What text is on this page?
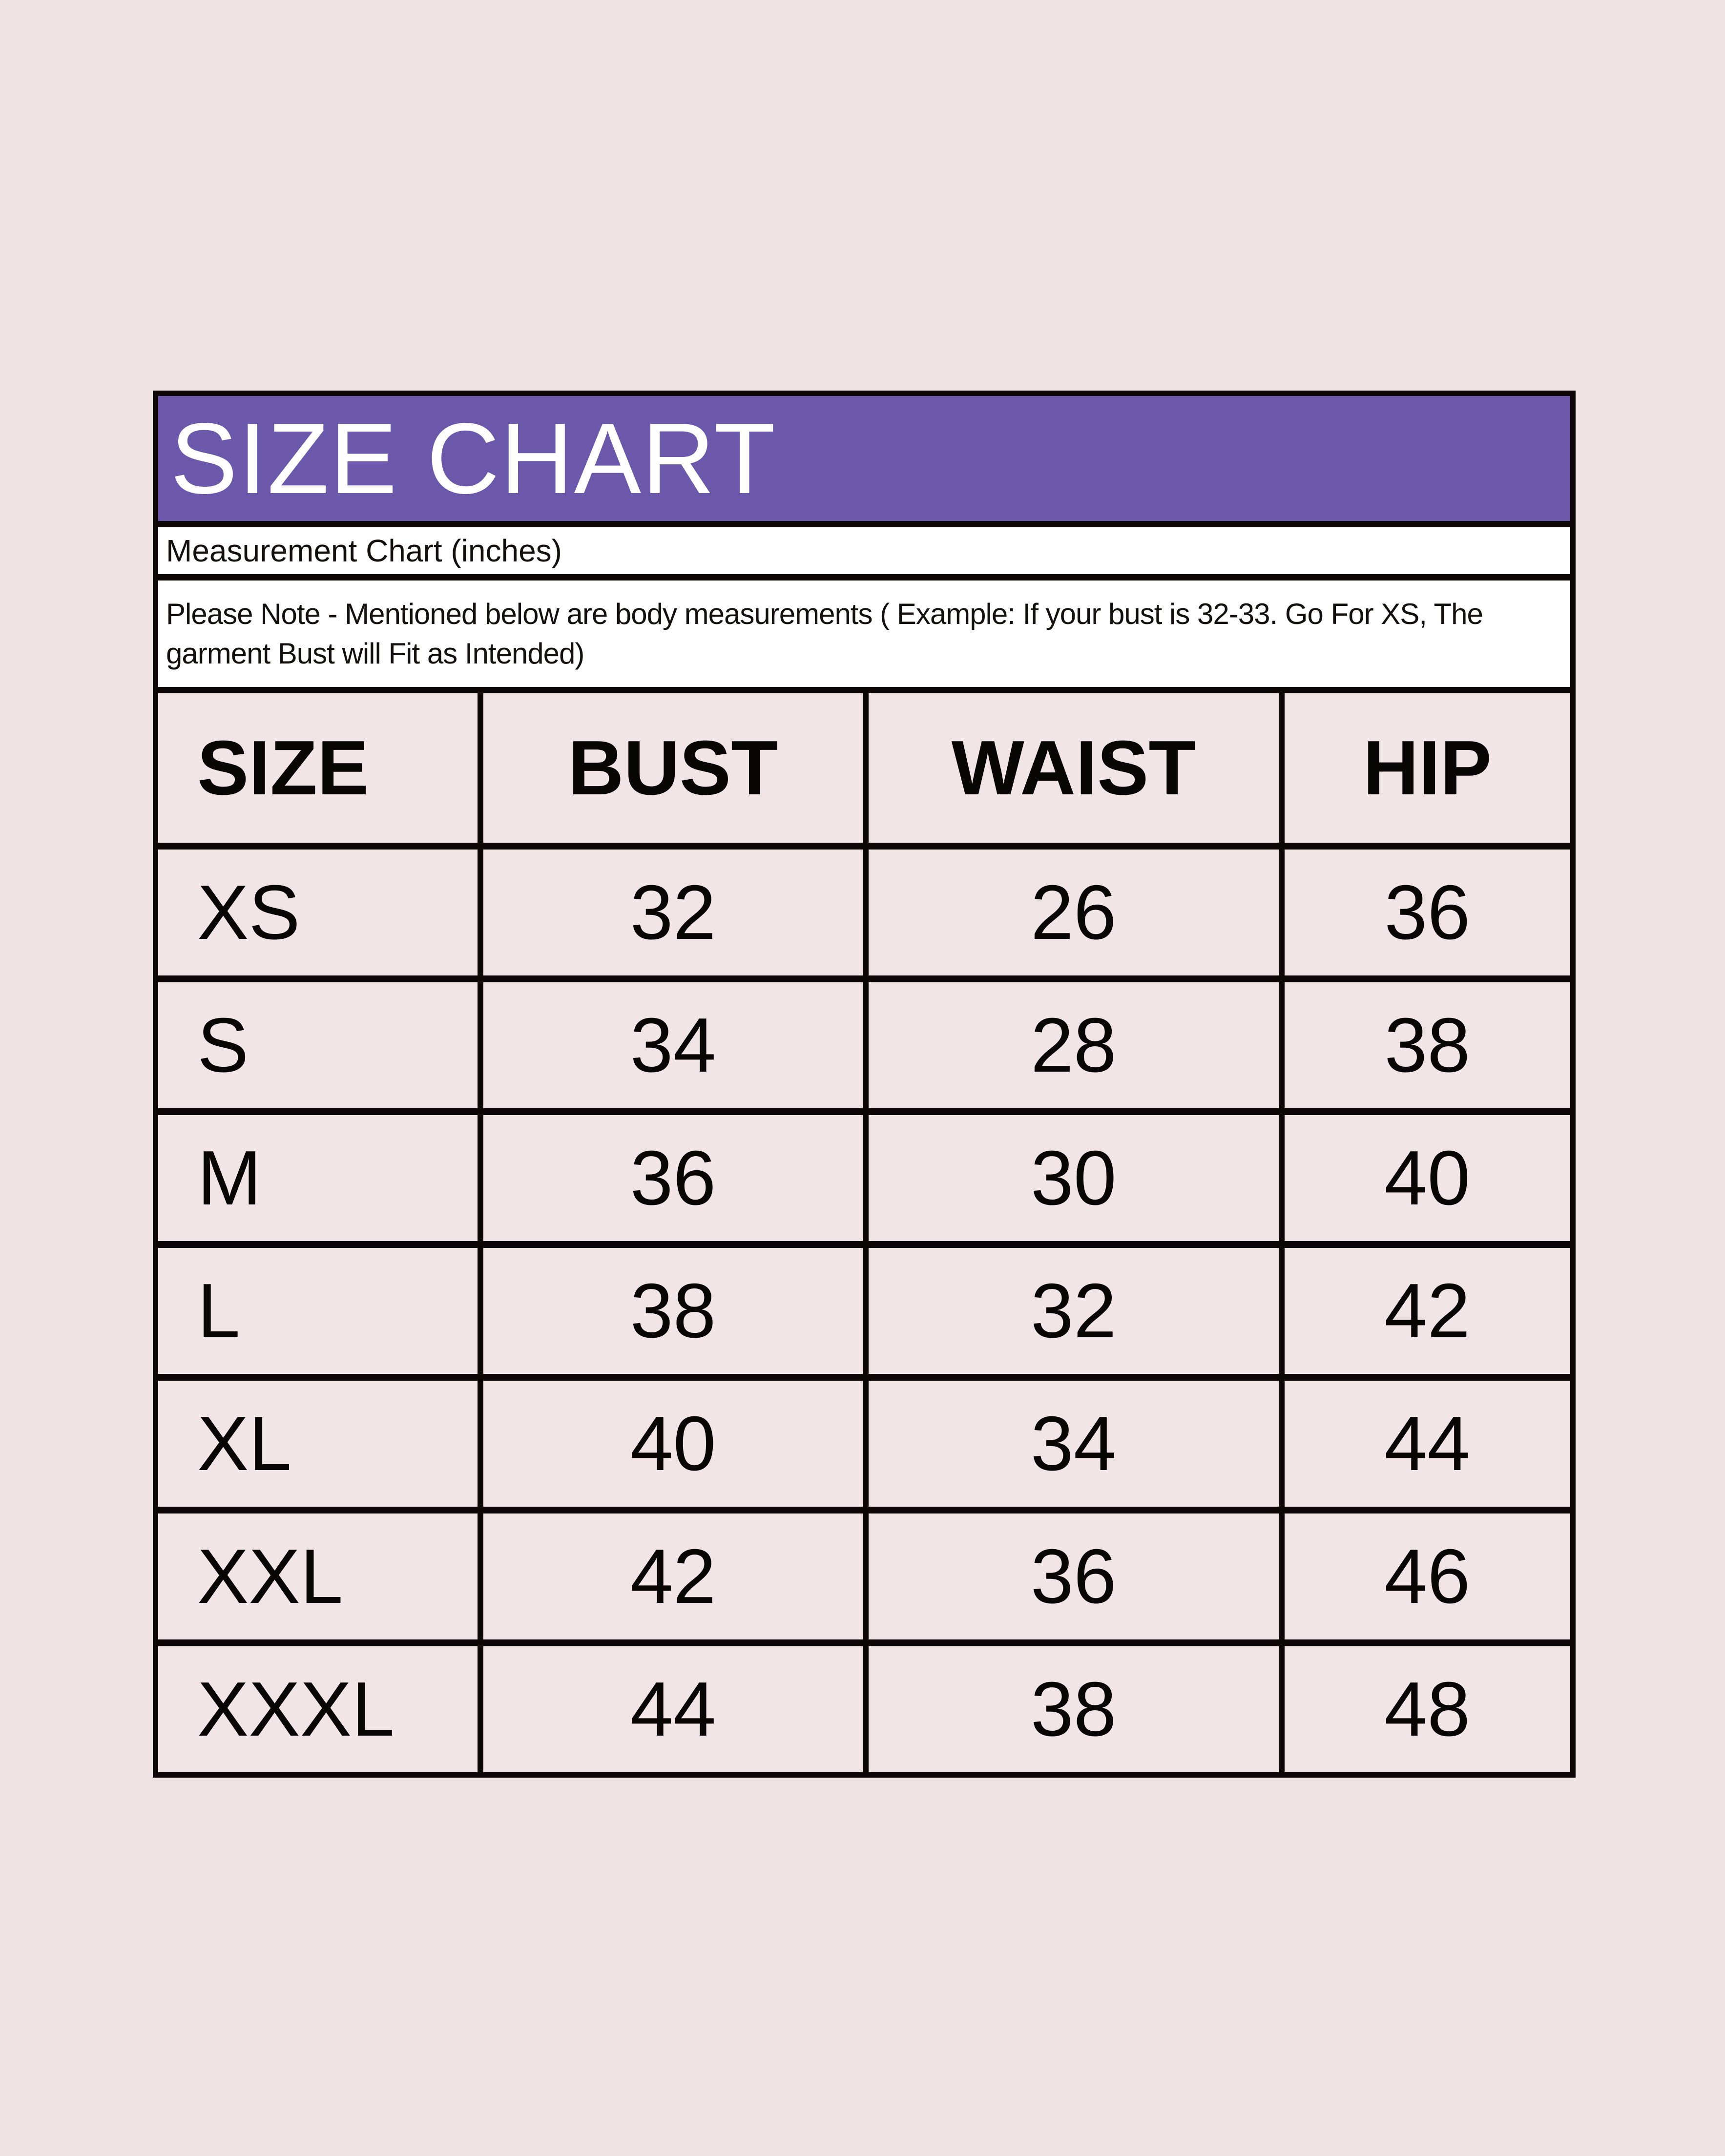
SIZE CHART
Measurement Chart (inches)
Please Note - Mentioned below are body measurements ( Example: If your bust is 32-33. Go For XS, The
garment Bust will Fit as Intended)
SIZE	BUST	WAIST	HIP
XS	32	26	36
S	34	28	38
M	36	30	40
L	38	32	42
XL	40	34	44
XXL	42	36	46
XXXL	44	38	48
